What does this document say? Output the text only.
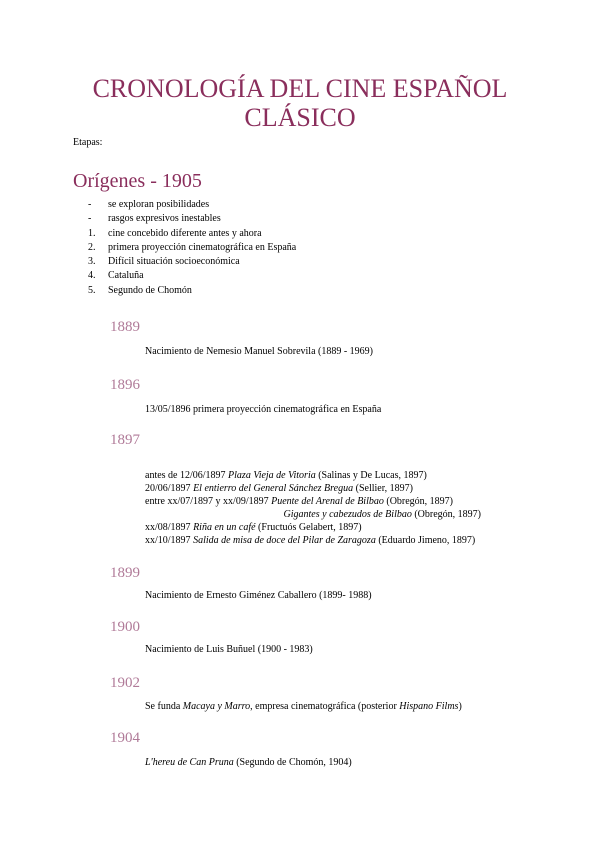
CRONOLOGÍA DEL CINE ESPAÑOL
CLÁSICO
Etapas:
Orígenes - 1905
-	se exploran posibilidades
-	rasgos expresivos inestables
1.	cine concebido diferente antes y ahora
2.	primera proyección cinematográfica en España
3.	Difícil situación socioeconómica
4.	Cataluña
5.	Segundo de Chomón
1889
Nacimiento de Nemesio Manuel Sobrevila (1889 - 1969)
1896
13/05/1896 primera proyección cinematográfica en España
1897
antes de 12/06/1897 Plaza Vieja de Vitoria (Salinas y De Lucas, 1897)
20/06/1897 El entierro del General Sánchez Bregua (Sellier, 1897)
entre xx/07/1897 y xx/09/1897 Puente del Arenal de Bilbao (Obregón, 1897)
Gigantes y cabezudos de Bilbao (Obregón, 1897)
xx/08/1897 Riña en un café (Fructuós Gelabert, 1897)
xx/10/1897 Salida de misa de doce del Pilar de Zaragoza (Eduardo Jimeno, 1897)
1899
Nacimiento de Ernesto Giménez Caballero (1899- 1988)
1900
Nacimiento de Luis Buñuel (1900 - 1983)
1902
Se funda Macaya y Marro, empresa cinematográfica (posterior Hispano Films)
1904
L'hereu de Can Pruna (Segundo de Chomón, 1904)
